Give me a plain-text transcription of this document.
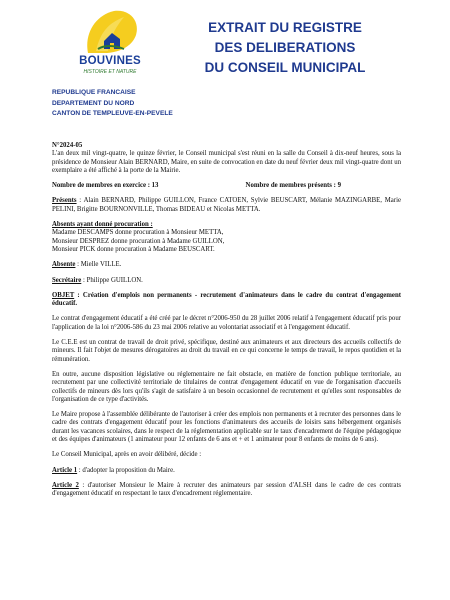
BOUVINES
HISTOIRE ET NATURE
EXTRAIT DU REGISTRE
DES DELIBERATIONS
DU CONSEIL MUNICIPAL
REPUBLIQUE FRANCAISE
DEPARTEMENT DU NORD
CANTON DE TEMPLEUVE-EN-PEVELE
N°2024-05
L'an deux mil vingt-quatre, le quinze février, le Conseil municipal s'est réuni en la salle du Conseil à dix-neuf heures, sous la présidence de Monsieur Alain BERNARD, Maire, en suite de convocation en date du neuf février deux mil vingt-quatre dont un exemplaire a été affiché à la porte de la Mairie.
Nombre de membres en exercice : 13	Nombre de membres présents : 9
Présents : Alain BERNARD, Philippe GUILLON, France CATOEN, Sylvie BEUSCART, Mélanie MAZINGARBE, Marie PELINI, Brigitte BOURNONVILLE, Thomas BIDEAU et Nicolas METTA.
Absents ayant donné procuration :
Madame DESCAMPS donne procuration à Monsieur METTA,
Monsieur DESPREZ donne procuration à Madame GUILLON,
Monsieur PICK donne procuration à Madame BEUSCART.
Absente : Mielle VILLE.
Secrétaire : Philippe GUILLON.
OBJET : Création d'emplois non permanents - recrutement d'animateurs dans le cadre du contrat d'engagement éducatif.
Le contrat d'engagement éducatif a été créé par le décret n°2006-950 du 28 juillet 2006 relatif à l'engagement éducatif pris pour l'application de la loi n°2006-586 du 23 mai 2006 relative au volontariat associatif et à l'engagement éducatif.
Le C.E.E est un contrat de travail de droit privé, spécifique, destiné aux animateurs et aux directeurs des accueils collectifs de mineurs. Il fait l'objet de mesures dérogatoires au droit du travail en ce qui concerne le temps de travail, le repos quotidien et la rémunération.
En outre, aucune disposition législative ou réglementaire ne fait obstacle, en matière de fonction publique territoriale, au recrutement par une collectivité territoriale de titulaires de contrat d'engagement éducatif en vue de l'organisation d'accueils collectifs de mineurs dès lors qu'ils s'agit de satisfaire à un besoin occasionnel de recrutement et qu'elles sont responsables de l'organisation de ce type d'activités.
Le Maire propose à l'assemblée délibérante de l'autoriser à créer des emplois non permanents et à recruter des personnes dans le cadre des contrats d'engagement éducatif pour les fonctions d'animateurs des accueils de loisirs sans hébergement organisés durant les vacances scolaires, dans le respect de la réglementation applicable sur le taux d'encadrement de l'équipe pédagogique et des équipes d'animateurs (1 animateur pour 12 enfants de 6 ans et + et 1 animateur pour 8 enfants de moins de 6 ans).
Le Conseil Municipal, après en avoir délibéré, décide :
Article 1 : d'adopter la proposition du Maire.
Article 2 : d'autoriser Monsieur le Maire à recruter des animateurs par session d'ALSH dans le cadre de ces contrats d'engagement éducatif en respectant le taux d'encadrement réglementaire.
